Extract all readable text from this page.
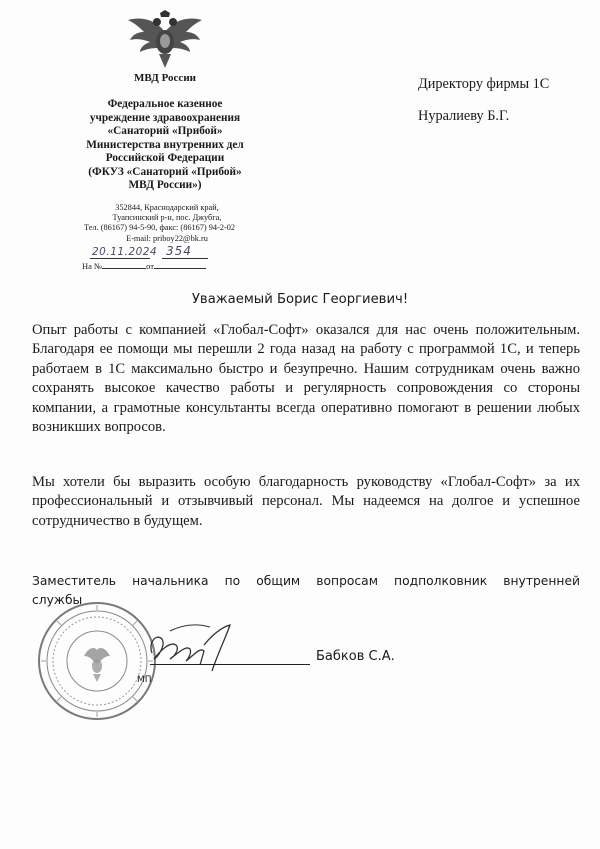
МВД России
Федеральное казенное
учреждение здравоохранения
«Санаторий «Прибой»
Министерства внутренних дел
Российской Федерации
(ФКУЗ «Санаторий «Прибой»
МВД России»)
352844, Краснодарский край,
Туапсинский р-н, пос. Джубга,
Тел. (86167) 94-5-90, факс: (86167) 94-2-02
E-mail: priboy22@bk.ru
20.11.2024 354
На №	от
Директору фирмы 1С
Нуралиеву Б.Г.
Уважаемый Борис Георгиевич!
Опыт работы с компанией «Глобал-Софт» оказался для нас очень положительным. Благодаря ее помощи мы перешли 2 года назад на работу с программой 1С, и теперь работаем в 1С максимально быстро и безупречно. Нашим сотрудникам очень важно сохранять высокое качество работы и регулярность сопровождения со стороны компании, а грамотные консультанты всегда оперативно помогают в решении любых возникших вопросов.
Мы хотели бы выразить особую благодарность руководству «Глобал-Софт» за их профессиональный и отзывчивый персонал. Мы надеемся на долгое и успешное сотрудничество в будущем.
Заместитель начальника по общим вопросам подполковник внутренней службы
Бабков С.А.
МП
